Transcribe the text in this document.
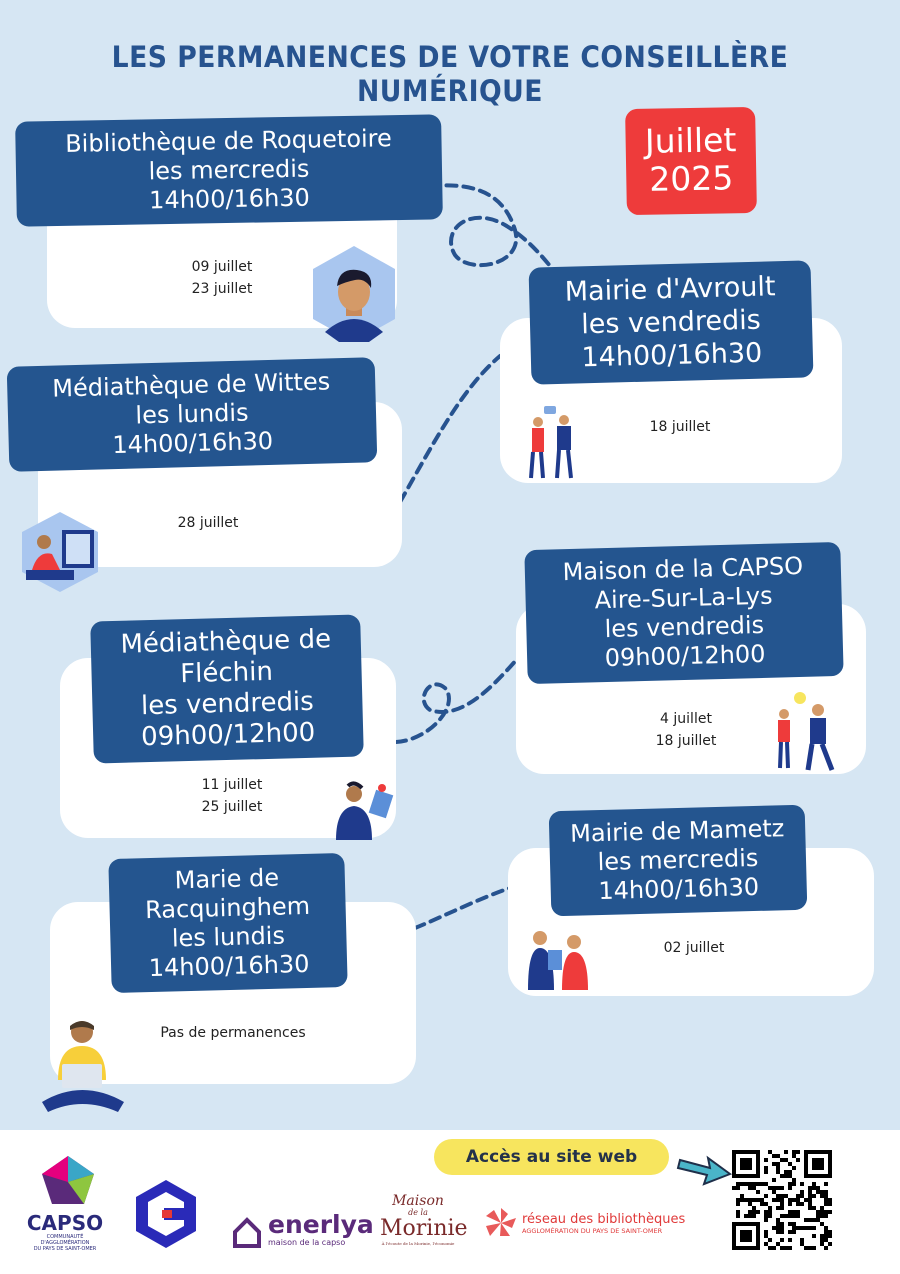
LES PERMANENCES DE VOTRE CONSEILLÈRE NUMÉRIQUE
Juillet
2025
Bibliothèque de Roquetoire
les mercredis
14h00/16h30
09 juillet
23 juillet	Mairie d'Avroult
les vendredis
14h00/16h30
18 juillet
Médiathèque de Wittes
les lundis
14h00/16h30
28 juillet
Maison de la CAPSO
Aire-Sur-La-Lys
les vendredis
09h00/12h00
4 juillet
18 juillet
Médiathèque de
Fléchin
les vendredis
09h00/12h00
11 juillet
25 juillet
Mairie de Mametz
les mercredis
14h00/16h30
02 juillet
Marie de
Racquinghem
les lundis
14h00/16h30
Pas de permanences
Accès au site web
CAPSO
COMMUNAUTÉ D'AGGLOMÉRATION
DU PAYS DE SAINT-OMER
enerlya
maison de la capso
Maison
de la
Morinie
À l'écoute de la Morinie, l'économie
réseau des bibliothèques
AGGLOMÉRATION DU PAYS DE SAINT-OMER
